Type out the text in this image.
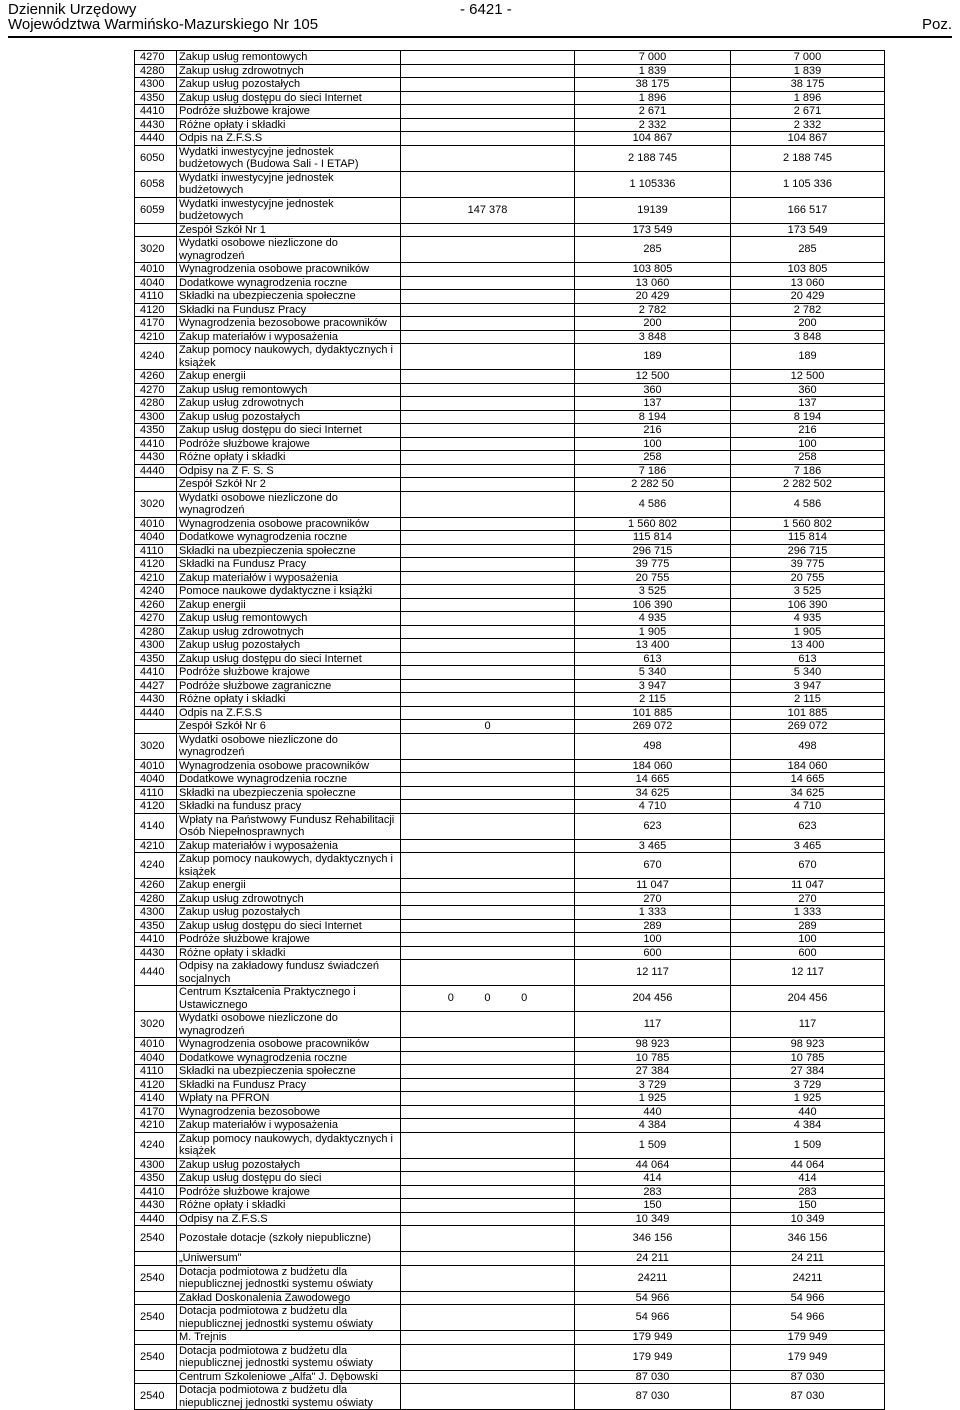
Dziennik Urzędowy
Województwa Warmińsko-Mazurskiego Nr 105
- 6421 -
Poz.
4270	Zakup usług remontowych		7 000	7 000
4280	Zakup usług zdrowotnych		1 839	1 839
4300	Zakup usług pozostałych		38 175	38 175
4350	Zakup usług dostępu do sieci Internet		1 896	1 896
4410	Podróże służbowe krajowe		2 671	2 671
4430	Różne opłaty i składki		2 332	2 332
4440	Odpis na Z.F.S.S		104 867	104 867
6050	Wydatki inwestycyjne jednostek budżetowych (Budowa Sali - I ETAP)		2 188 745	2 188 745
6058	Wydatki inwestycyjne jednostek budżetowych		1 105336	1 105 336
6059	Wydatki inwestycyjne jednostek budżetowych	147 378	19139	166 517
	Zespół Szkół Nr 1		173 549	173 549
3020	Wydatki osobowe niezliczone do wynagrodzeń		285	285
4010	Wynagrodzenia osobowe pracowników		103 805	103 805
4040	Dodatkowe wynagrodzenia roczne		13 060	13 060
4110	Składki na ubezpieczenia społeczne		20 429	20 429
4120	Składki na Fundusz Pracy		2 782	2 782
4170	Wynagrodzenia bezosobowe pracowników		200	200
4210	Zakup materiałów i wyposażenia		3 848	3 848
4240	Zakup pomocy naukowych, dydaktycznych i książek		189	189
4260	Zakup energii		12 500	12 500
4270	Zakup usług remontowych		360	360
4280	Zakup usług zdrowotnych		137	137
4300	Zakup usług pozostałych		8 194	8 194
4350	Zakup usług dostępu do sieci Internet		216	216
4410	Podróże służbowe krajowe		100	100
4430	Różne opłaty i składki		258	258
4440	Odpisy na Z F. S. S		7 186	7 186
	Zespół Szkół Nr 2		2 282 50	2 282 502
3020	Wydatki osobowe niezliczone do wynagrodzeń		4 586	4 586
4010	Wynagrodzenia osobowe pracowników		1 560 802	1 560 802
4040	Dodatkowe wynagrodzenia roczne		115 814	115 814
4110	Składki na ubezpieczenia społeczne		296 715	296 715
4120	Składki na Fundusz Pracy		39 775	39 775
4210	Zakup materiałów i wyposażenia		20 755	20 755
4240	Pomoce naukowe dydaktyczne i książki		3 525	3 525
4260	Zakup energii		106 390	106 390
4270	Zakup usług remontowych		4 935	4 935
4280	Zakup usług zdrowotnych		1 905	1 905
4300	Zakup usług pozostałych		13 400	13 400
4350	Zakup usług dostępu do sieci Internet		613	613
4410	Podróże służbowe krajowe		5 340	5 340
4427	Podróże służbowe zagraniczne		3 947	3 947
4430	Różne opłaty i składki		2 115	2 115
4440	Odpis na Z.F.S.S		101 885	101 885
	Zespół Szkół Nr 6	0	269 072	269 072
3020	Wydatki osobowe niezliczone do wynagrodzeń		498	498
4010	Wynagrodzenia osobowe pracowników		184 060	184 060
4040	Dodatkowe wynagrodzenia roczne		14 665	14 665
4110	Składki na ubezpieczenia społeczne		34 625	34 625
4120	Składki na fundusz pracy		4 710	4 710
4140	Wpłaty na Państwowy Fundusz Rehabilitacji Osób Niepełnosprawnych		623	623
4210	Zakup materiałów i wyposażenia		3 465	3 465
4240	Zakup pomocy naukowych, dydaktycznych i książek		670	670
4260	Zakup energii		11 047	11 047
4280	Zakup usług zdrowotnych		270	270
4300	Zakup usług pozostałych		1 333	1 333
4350	Zakup usług dostępu do sieci Internet		289	289
4410	Podróże służbowe krajowe		100	100
4430	Różne opłaty i składki		600	600
4440	Odpisy na zakładowy fundusz świadczeń socjalnych		12 117	12 117
	Centrum Kształcenia Praktycznego i Ustawicznego	0          0          0	204 456	204 456
3020	Wydatki osobowe niezliczone do wynagrodzeń		117	117
4010	Wynagrodzenia osobowe pracowników		98 923	98 923
4040	Dodatkowe wynagrodzenia roczne		10 785	10 785
4110	Składki na ubezpieczenia społeczne		27 384	27 384
4120	Składki na Fundusz Pracy		3 729	3 729
4140	Wpłaty na PFRON		1 925	1 925
4170	Wynagrodzenia bezosobowe		440	440
4210	Zakup materiałów i wyposażenia		4 384	4 384
4240	Zakup pomocy naukowych, dydaktycznych i książek		1 509	1 509
4300	Zakup usług pozostałych		44 064	44 064
4350	Zakup usług dostępu do sieci		414	414
4410	Podróże służbowe krajowe		283	283
4430	Różne opłaty i składki		150	150
4440	Odpisy na Z.F.S.S		10 349	10 349
2540	Pozostałe dotacje (szkoły niepubliczne)		346 156	346 156
	„Uniwersum"		24 211	24 211
2540	Dotacja podmiotowa z budżetu dla niepublicznej jednostki systemu oświaty		24211	24211
	Zakład Doskonalenia Zawodowego		54 966	54 966
2540	Dotacja podmiotowa z budżetu dla niepublicznej jednostki systemu oświaty		54 966	54 966
	M. Trejnis		179 949	179 949
2540	Dotacja podmiotowa z budżetu dla niepublicznej jednostki systemu oświaty		179 949	179 949
	Centrum Szkoleniowe „Alfa" J. Dębowski		87 030	87 030
2540	Dotacja podmiotowa z budżetu dla niepublicznej jednostki systemu oświaty		87 030	87 030
